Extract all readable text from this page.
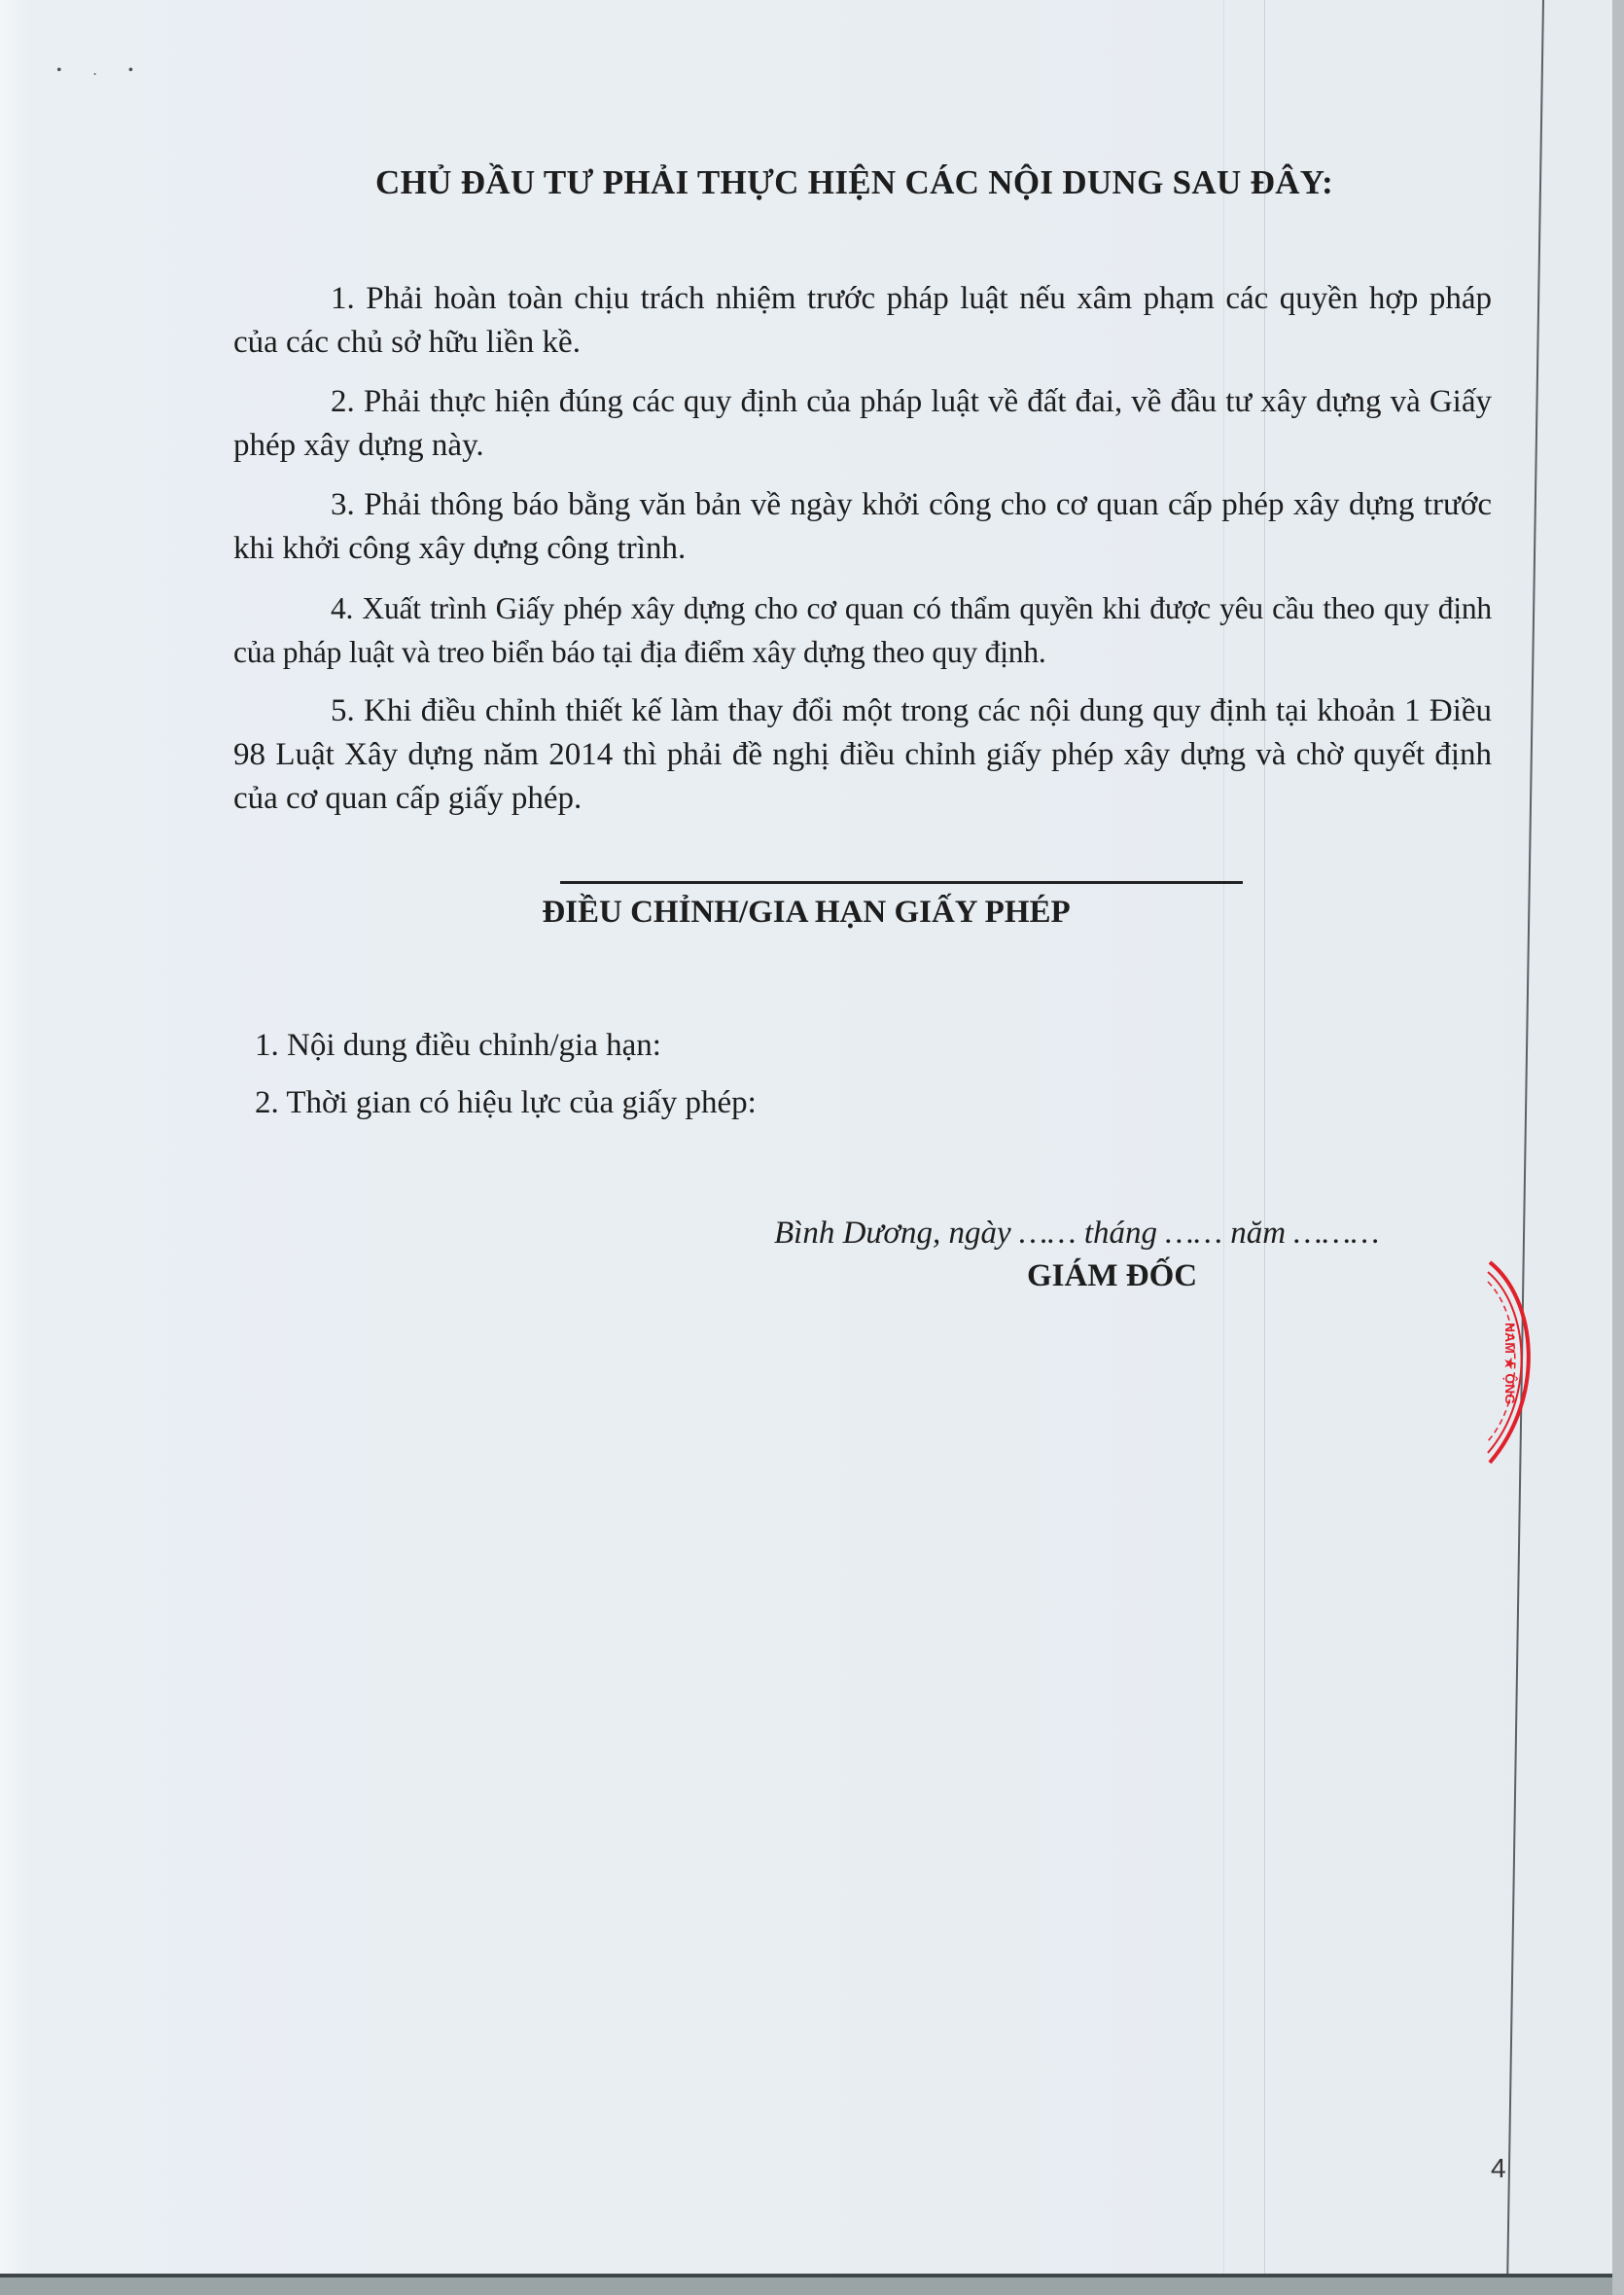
• . •
CHỦ ĐẦU TƯ PHẢI THỰC HIỆN CÁC NỘI DUNG SAU ĐÂY:
1. Phải hoàn toàn chịu trách nhiệm trước pháp luật nếu xâm phạm các quyền hợp pháp của các chủ sở hữu liền kề.
2. Phải thực hiện đúng các quy định của pháp luật về đất đai, về đầu tư xây dựng và Giấy phép xây dựng này.
3. Phải thông báo bằng văn bản về ngày khởi công cho cơ quan cấp phép xây dựng trước khi khởi công xây dựng công trình.
4. Xuất trình Giấy phép xây dựng cho cơ quan có thẩm quyền khi được yêu cầu theo quy định của pháp luật và treo biển báo tại địa điểm xây dựng theo quy định.
5. Khi điều chỉnh thiết kế làm thay đổi một trong các nội dung quy định tại khoản 1 Điều 98 Luật Xây dựng năm 2014 thì phải đề nghị điều chỉnh giấy phép xây dựng và chờ quyết định của cơ quan cấp giấy phép.
ĐIỀU CHỈNH/GIA HẠN GIẤY PHÉP
1. Nội dung điều chỉnh/gia hạn:
2. Thời gian có hiệu lực của giấy phép:
Bình Dương, ngày …… tháng …… năm ………
GIÁM ĐỐC
NAM ★ ỘNG
4
